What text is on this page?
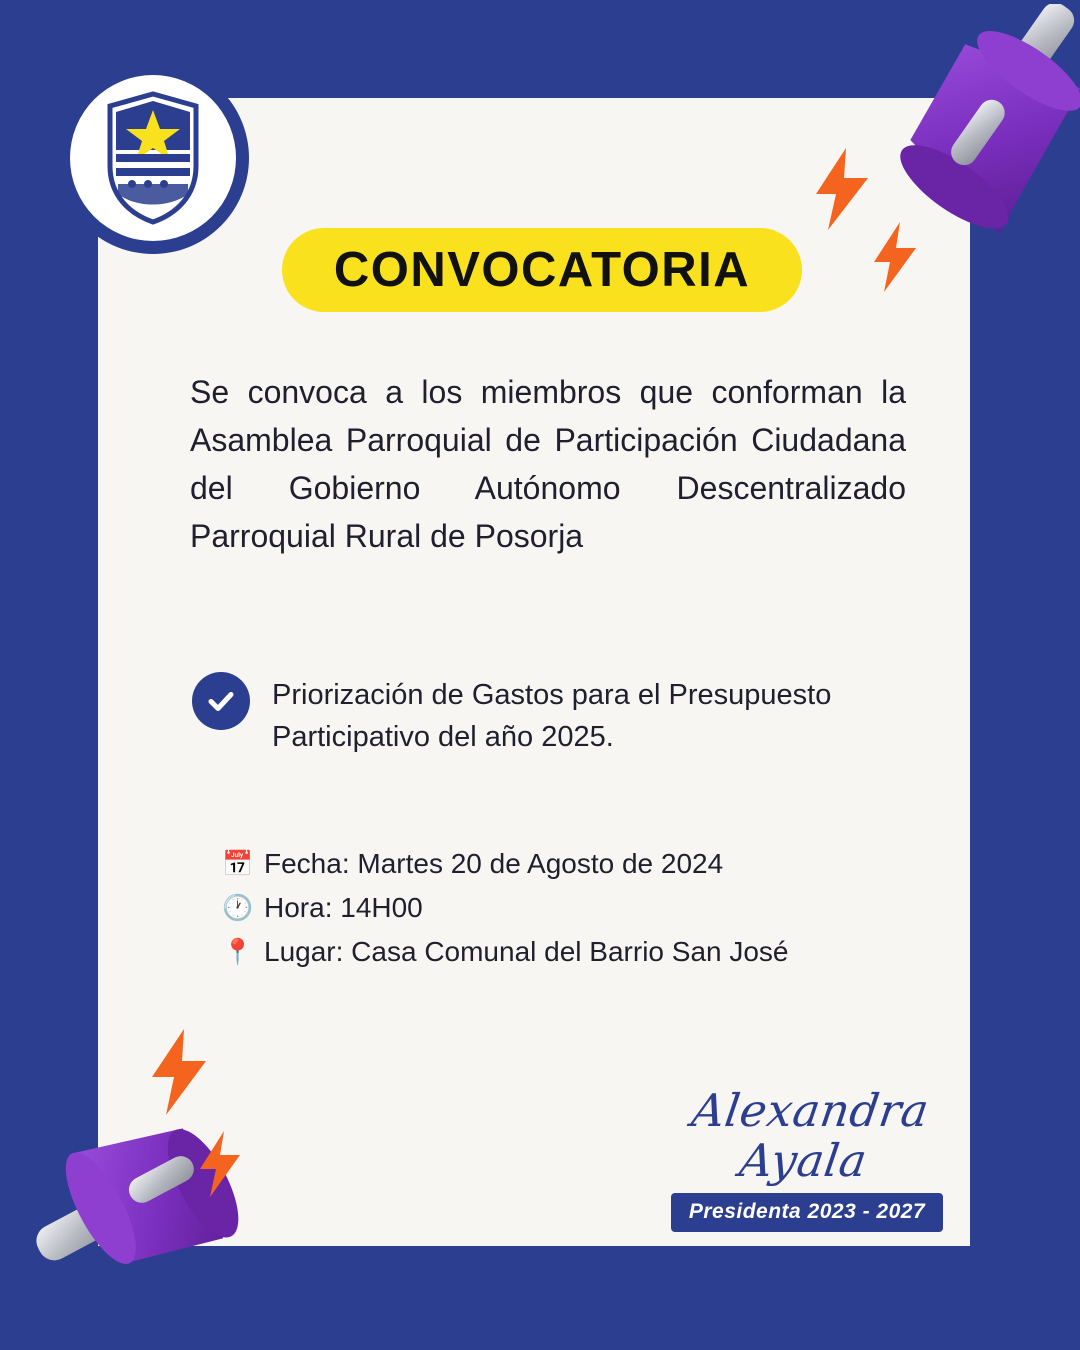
CONVOCATORIA

Se convoca a los miembros que conforman la Asamblea Parroquial de Participación Ciudadana del Gobierno Autónomo Descentralizado Parroquial Rural de Posorja

Priorización de Gastos para el Presupuesto Participativo del año 2025.
📅 Fecha: Martes 20 de Agosto de 2024
🕐 Hora: 14H00
📍 Lugar: Casa Comunal del Barrio San José
Alexandra Ayala
Presidenta 2023 - 2027
